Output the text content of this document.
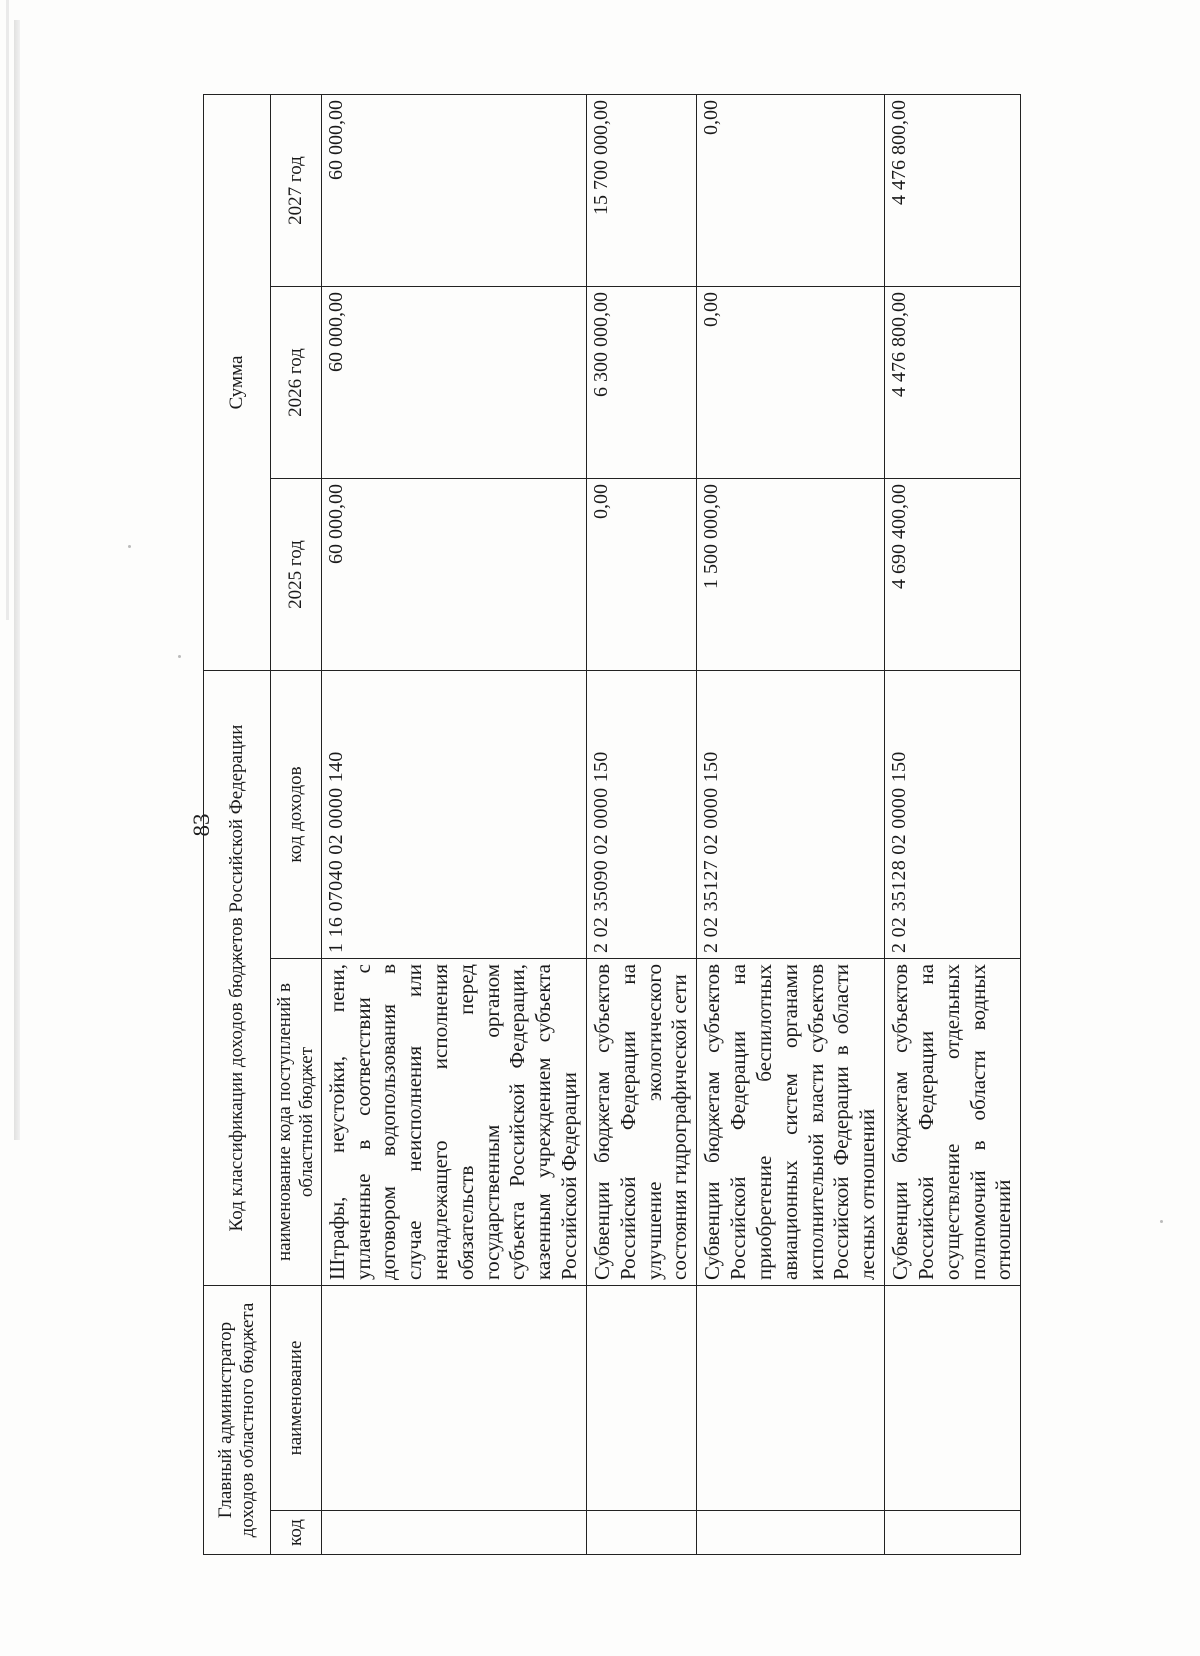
83
Главный администратор доходов областного бюджета		Код классификации доходов бюджетов Российской Федерации		Сумма		
код	наименование	наименование кода поступлений в областной бюджет	код доходов	2025 год	2026 год	2027 год
		Штрафы, неустойки, пени, уплаченные в соответствии с договором водопользования в случае неисполнения или ненадлежащего исполнения обязательств перед государственным органом субъекта Российской Федерации, казенным учреждением субъекта Российской Федерации	1 16 07040 02 0000 140	60 000,00	60 000,00	60 000,00
		Субвенции бюджетам субъектов Российской Федерации на улучшение экологического состояния гидрографической сети	2 02 35090 02 0000 150	0,00	6 300 000,00	15 700 000,00
		Субвенции бюджетам субъектов Российской Федерации на приобретение беспилотных авиационных систем органами исполнительной власти субъектов Российской Федерации в области лесных отношений	2 02 35127 02 0000 150	1 500 000,00	0,00	0,00
		Субвенции бюджетам субъектов Российской Федерации на осуществление отдельных полномочий в области водных отношений	2 02 35128 02 0000 150	4 690 400,00	4 476 800,00	4 476 800,00
